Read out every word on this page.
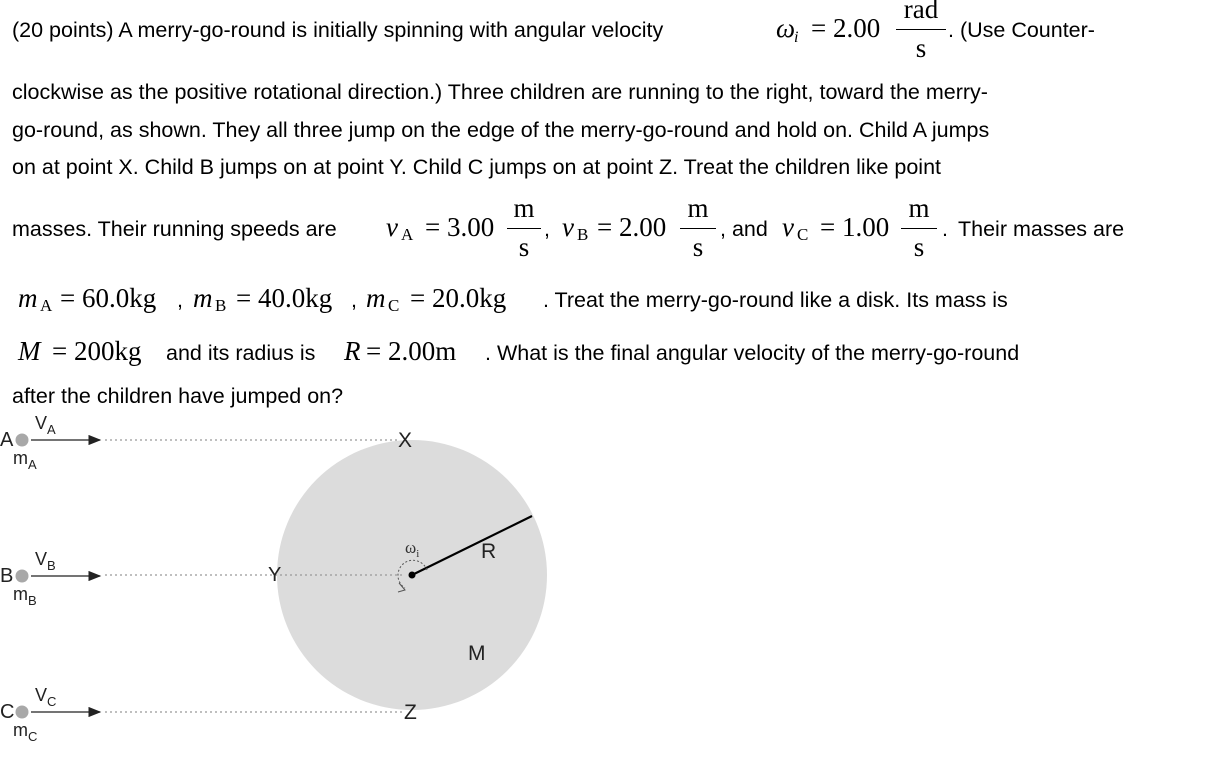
(20 points) A merry-go-round is initially spinning with angular velocity	ω
i = 2.00
rad
s
. (Use Counter-
clockwise as the positive rotational direction.) Three children are running to the right, toward the merry-
go-round, as shown. They all three jump on the edge of the merry-go-round and hold on. Child A jumps
on at point X. Child B jumps on at point Y. Child C jumps on at point Z. Treat the children like point
masses. Their running speeds are v A = 3.00
m
s
, v B = 2.00
m
s
, and v C = 1.00
m
s
. Their masses are
m A = 60.0kg , m B = 40.0kg , m C = 20.0kg . Treat the merry-go-round like a disk. Its mass is
M = 200kg and its radius is R = 2.00m . What is the final angular velocity of the merry-go-round
after the children have jumped on?
A
B
C
$V_A$
$V_B$
$V_C$
$m_A$
$m_B$
$m_C$
X
Y
Z
$\omega_i$	R
M
